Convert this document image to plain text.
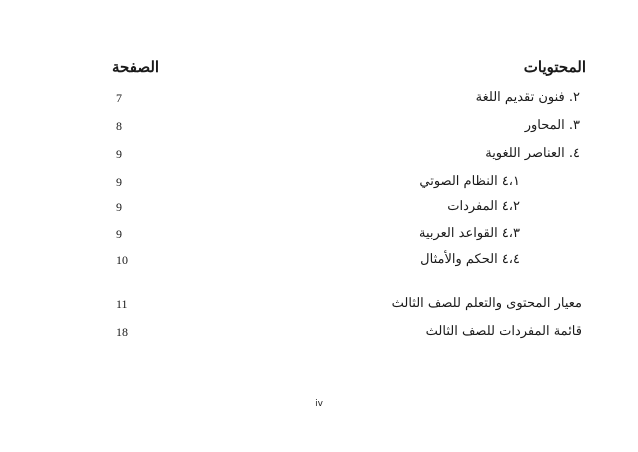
المحتويات
الصفحة
٢. فنون تقديم اللغة
7
٣. المحاور
8
٤. العناصر اللغوية
9
٤،١ النظام الصوتي
9
٤،٢ المفردات
9
٤،٣ القواعد العربية
9
٤،٤ الحكم والأمثال
10
معيار المحتوى والتعلم للصف الثالث
11
قائمة المفردات للصف الثالث
18
iv
